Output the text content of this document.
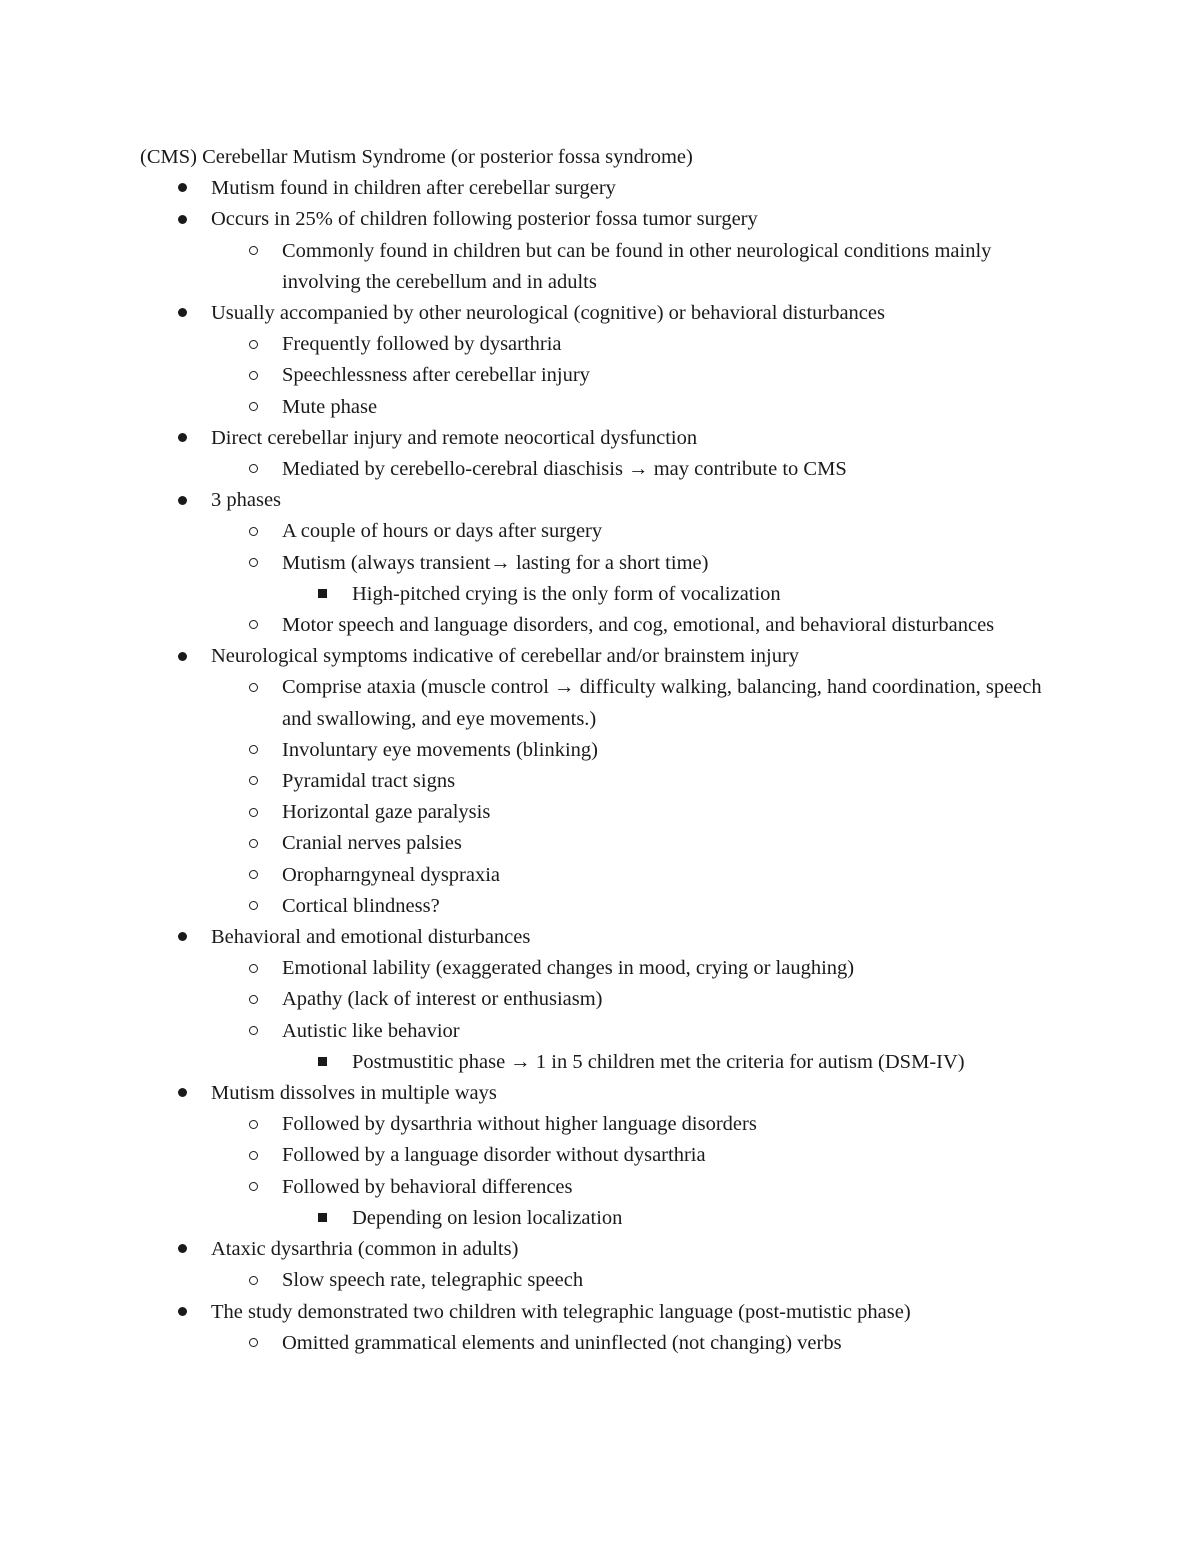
(CMS) Cerebellar Mutism Syndrome (or posterior fossa syndrome)
Mutism found in children after cerebellar surgery
Occurs in 25% of children following posterior fossa tumor surgery
Commonly found in children but can be found in other neurological conditions mainly involving the cerebellum and in adults
Usually accompanied by other neurological (cognitive) or behavioral disturbances
Frequently followed by dysarthria
Speechlessness after cerebellar injury
Mute phase
Direct cerebellar injury and remote neocortical dysfunction
Mediated by cerebello-cerebral diaschisis → may contribute to CMS
3 phases
A couple of hours or days after surgery
Mutism (always transient→ lasting for a short time)
High-pitched crying is the only form of vocalization
Motor speech and language disorders, and cog, emotional, and behavioral disturbances
Neurological symptoms indicative of cerebellar and/or brainstem injury
Comprise ataxia (muscle control → difficulty walking, balancing, hand coordination, speech and swallowing, and eye movements.)
Involuntary eye movements (blinking)
Pyramidal tract signs
Horizontal gaze paralysis
Cranial nerves palsies
Oropharngyneal dyspraxia
Cortical blindness?
Behavioral and emotional disturbances
Emotional lability (exaggerated changes in mood, crying or laughing)
Apathy (lack of interest or enthusiasm)
Autistic like behavior
Postmustitic phase → 1 in 5 children met the criteria for autism (DSM-IV)
Mutism dissolves in multiple ways
Followed by dysarthria without higher language disorders
Followed by a language disorder without dysarthria
Followed by behavioral differences
Depending on lesion localization
Ataxic dysarthria (common in adults)
Slow speech rate, telegraphic speech
The study demonstrated two children with telegraphic language (post-mutistic phase)
Omitted grammatical elements and uninflected (not changing) verbs
